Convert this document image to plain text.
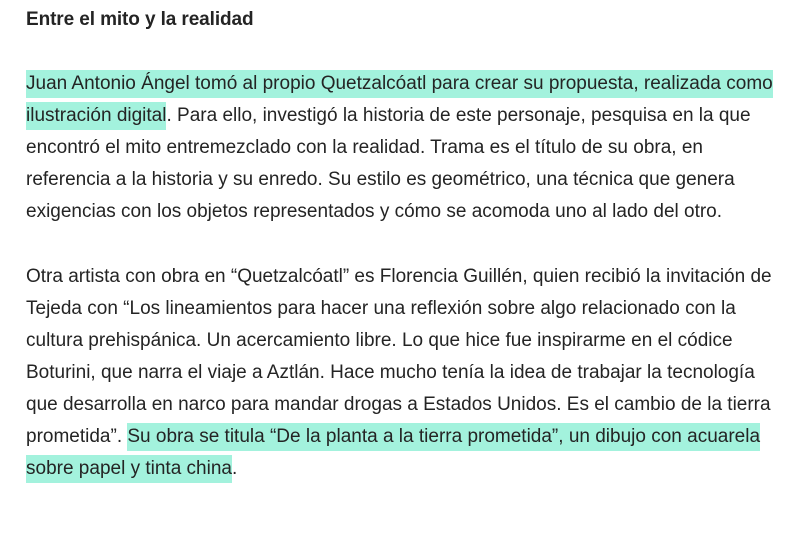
Entre el mito y la realidad

Juan Antonio Ángel tomó al propio Quetzalcóatl para crear su propuesta, realizada como ilustración digital. Para ello, investigó la historia de este personaje, pesquisa en la que encontró el mito entremezclado con la realidad. Trama es el título de su obra, en referencia a la historia y su enredo. Su estilo es geométrico, una técnica que genera exigencias con los objetos representados y cómo se acomoda uno al lado del otro.

Otra artista con obra en “Quetzalcóatl” es Florencia Guillén, quien recibió la invitación de Tejeda con “Los lineamientos para hacer una reflexión sobre algo relacionado con la cultura prehispánica. Un acercamiento libre. Lo que hice fue inspirarme en el códice Boturini, que narra el viaje a Aztlán. Hace mucho tenía la idea de trabajar la tecnología que desarrolla en narco para mandar drogas a Estados Unidos. Es el cambio de la tierra prometida”. Su obra se titula “De la planta a la tierra prometida”, un dibujo con acuarela sobre papel y tinta china.
